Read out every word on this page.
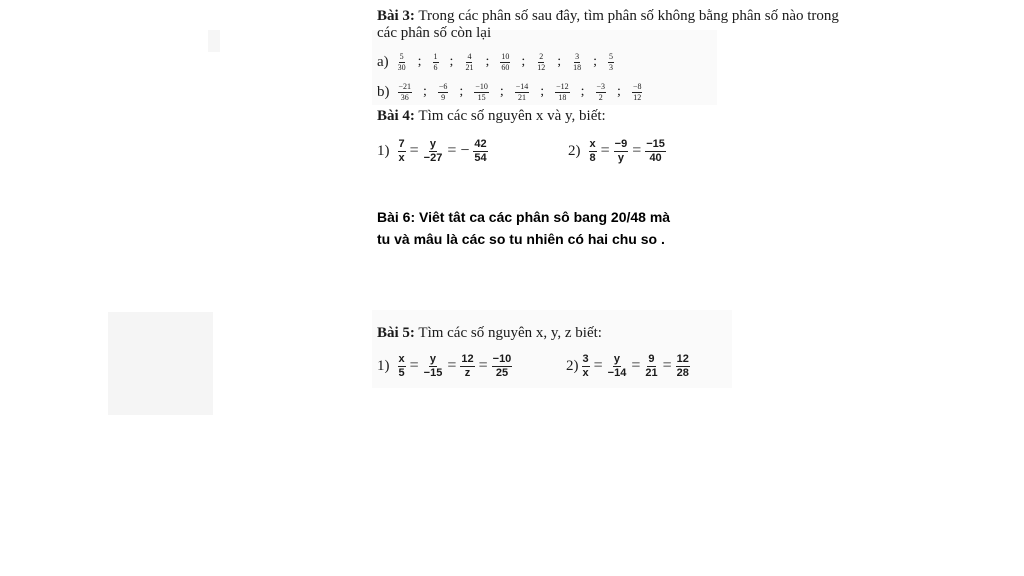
Bài 3: Trong các phân số sau đây, tìm phân số không bằng phân số nào trong
các phân số còn lại
$a) \frac{5}{30}$ ; $\frac{1}{6}$ ; $\frac{4}{21}$ ; $\frac{10}{60}$ ; $\frac{2}{12}$ ; $\frac{3}{18}$ ; $\frac{5}{3}$
$b) \frac{-21}{36}$ ; $\frac{-6}{9}$ ; $\frac{-10}{15}$ ; $\frac{-14}{21}$ ; $\frac{-12}{18}$ ; $\frac{-3}{2}$ ; $\frac{-8}{12}$
Bài 4: Tìm các số nguyên x và y, biết:
$1) \frac{7}{x} = \frac{y}{-27}$ = − $\frac{42}{54}$	$2) \frac{x}{8} = \frac{-9}{y} = \frac{-15}{40}$
Bài 6: Viêt tât ca các phân sô bang 20/48 mà
tu và mâu là các so tu nhiên có hai chu so .
Bài 5: Tìm các số nguyên x, y, z biết:
$1) \frac{x}{5} = \frac{y}{-15} = \frac{12}{z} = \frac{-10}{25}$	$2) \frac{3}{x} = \frac{y}{-14} = \frac{9}{21} = \frac{12}{28}$
